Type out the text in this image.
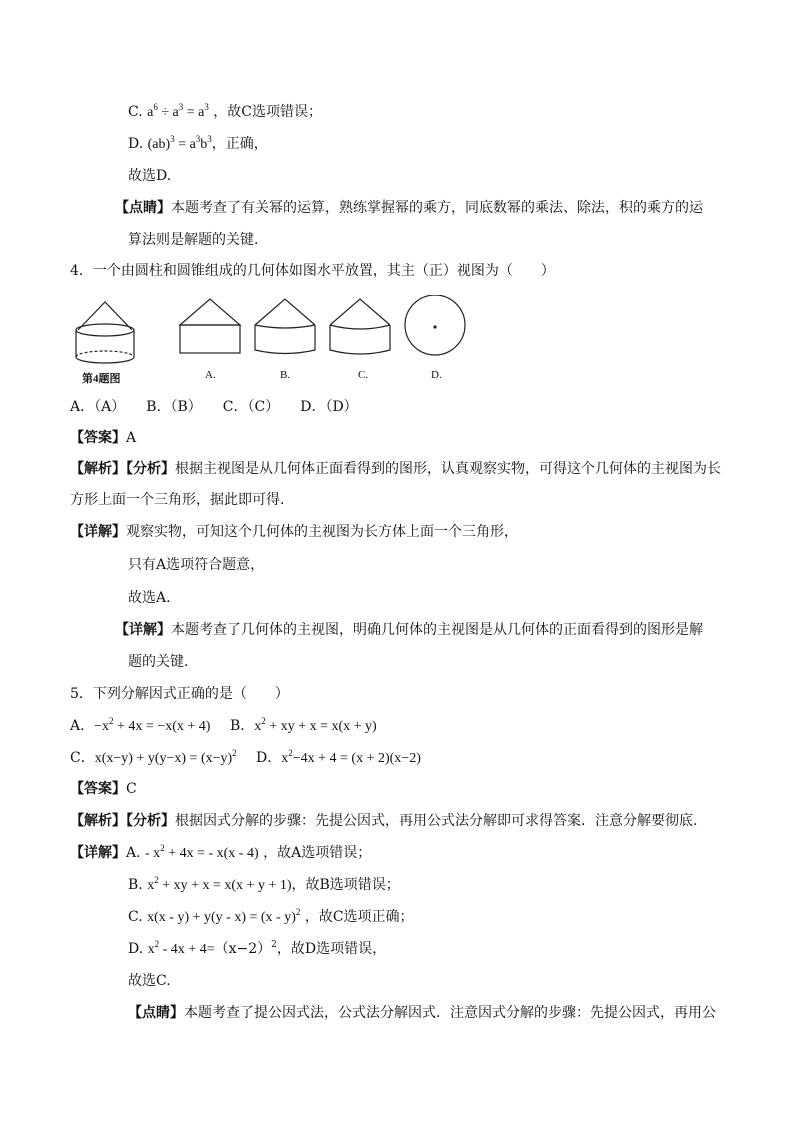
C. $a^6 \div a^3 = a^3$ ，故C选项错误；
D. $(ab)^3 = a^3b^3$，正确，
故选D.
【点睛】本题考查了有关幂的运算，熟练掌握幂的乘方，同底数幂的乘法、除法，积的乘方的运
算法则是解题的关键.
4．一个由圆柱和圆锥组成的几何体如图水平放置，其主（正）视图为（　　）
第4题图	A.	B.	C.	D.
A．（A）　　B．（B）　　C．（C）　　D．（D）
【答案】A
【解析】【分析】根据主视图是从几何体正面看得到的图形，认真观察实物，可得这个几何体的主视图为长
方形上面一个三角形，据此即可得.
【详解】观察实物，可知这个几何体的主视图为长方体上面一个三角形，
只有A选项符合题意，
故选A.
【详解】本题考查了几何体的主视图，明确几何体的主视图是从几何体的正面看得到的图形是解
题的关键.
5．下列分解因式正确的是（　　）
A．$-x^2 + 4x = -x(x + 4)$ B．$x^2$ + xy + x = x(x + y)
C．$x(x-y) + y(y-x) = (x-y)^2$ D．$x^2-4x + 4 = (x + 2)(x-2)$
【答案】C
【解析】【分析】根据因式分解的步骤：先提公因式，再用公式法分解即可求得答案．注意分解要彻底.
【详解】A. - $x^2 + 4x$ = - x(x - 4) ，故A选项错误；
B. $x^2$ + xy + x = x(x + y + 1)，故B选项错误；
C. x(x - y) + y(y - x) = (x - y)$^2$ ，故C选项正确；
D. $x^2 - 4x + 4=(x-2)^2$，故D选项错误，
故选C.
【点睛】本题考查了提公因式法，公式法分解因式．注意因式分解的步骤：先提公因式，再用公
